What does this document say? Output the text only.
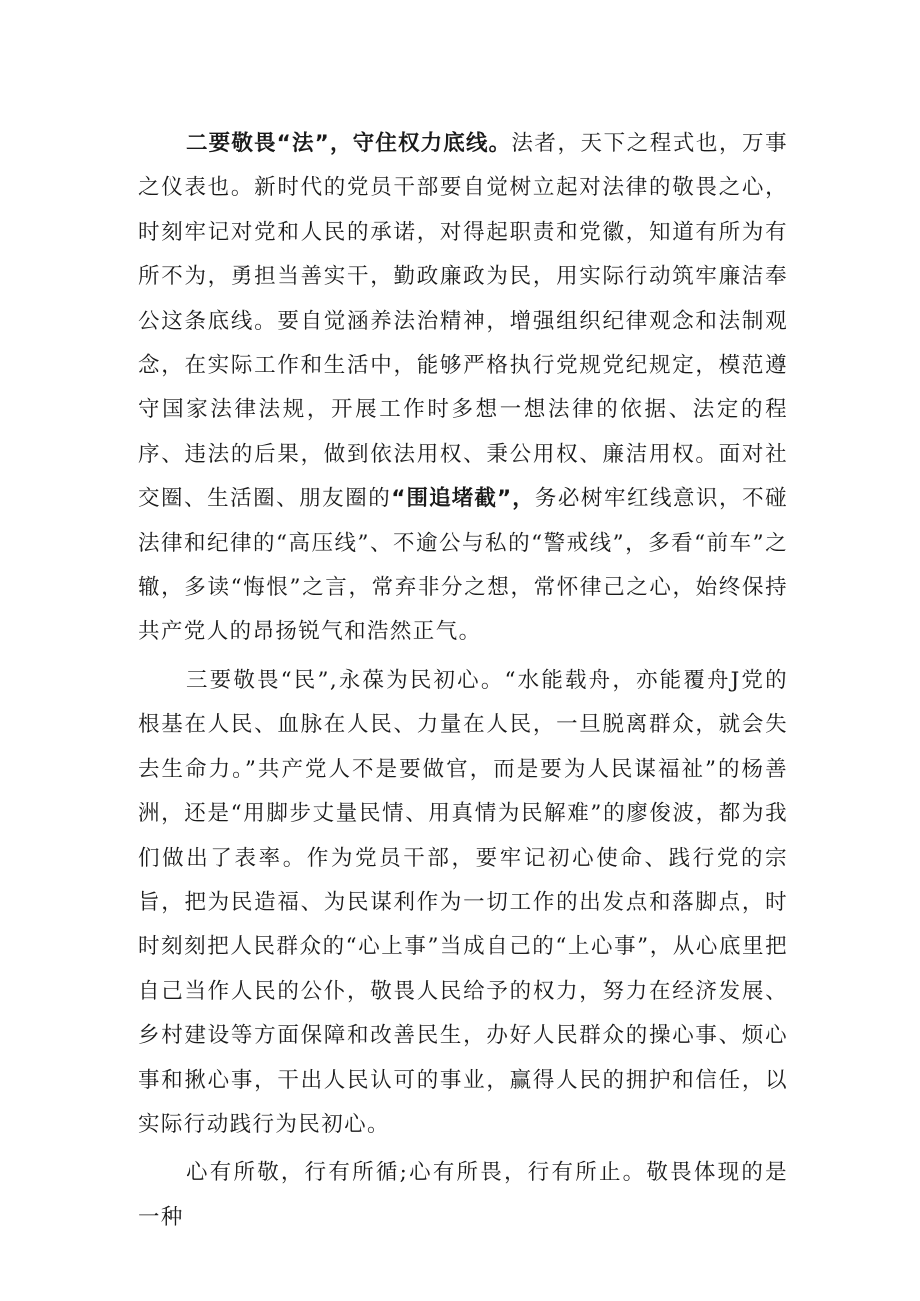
二要敬畏“法”，守住权力底线。法者，天下之程式也，万事之仪表也。新时代的党员干部要自觉树立起对法律的敬畏之心，时刻牢记对党和人民的承诺，对得起职责和党徽，知道有所为有所不为，勇担当善实干，勤政廉政为民，用实际行动筑牢廉洁奉公这条底线。要自觉涵养法治精神，增强组织纪律观念和法制观念，在实际工作和生活中，能够严格执行党规党纪规定，模范遵守国家法律法规，开展工作时多想一想法律的依据、法定的程序、违法的后果，做到依法用权、秉公用权、廉洁用权。面对社交圈、生活圈、朋友圈的“围追堵截”，务必树牢红线意识，不碰法律和纪律的“高压线”、不逾公与私的“警戒线”，多看“前车”之辙，多读“悔恨”之言，常弃非分之想，常怀律己之心，始终保持共产党人的昂扬锐气和浩然正气。

三要敬畏“民”,永葆为民初心。“水能载舟，亦能覆舟J党的根基在人民、血脉在人民、力量在人民，一旦脱离群众，就会失去生命力。”共产党人不是要做官，而是要为人民谋福祉”的杨善洲，还是“用脚步丈量民情、用真情为民解难”的廖俊波，都为我们做出了表率。作为党员干部，要牢记初心使命、践行党的宗旨，把为民造福、为民谋利作为一切工作的出发点和落脚点，时时刻刻把人民群众的“心上事”当成自己的“上心事”，从心底里把自己当作人民的公仆，敬畏人民给予的权力，努力在经济发展、乡村建设等方面保障和改善民生，办好人民群众的操心事、烦心事和揪心事，干出人民认可的事业，赢得人民的拥护和信任，以实际行动践行为民初心。

心有所敬，行有所循;心有所畏，行有所止。敬畏体现的是一种
